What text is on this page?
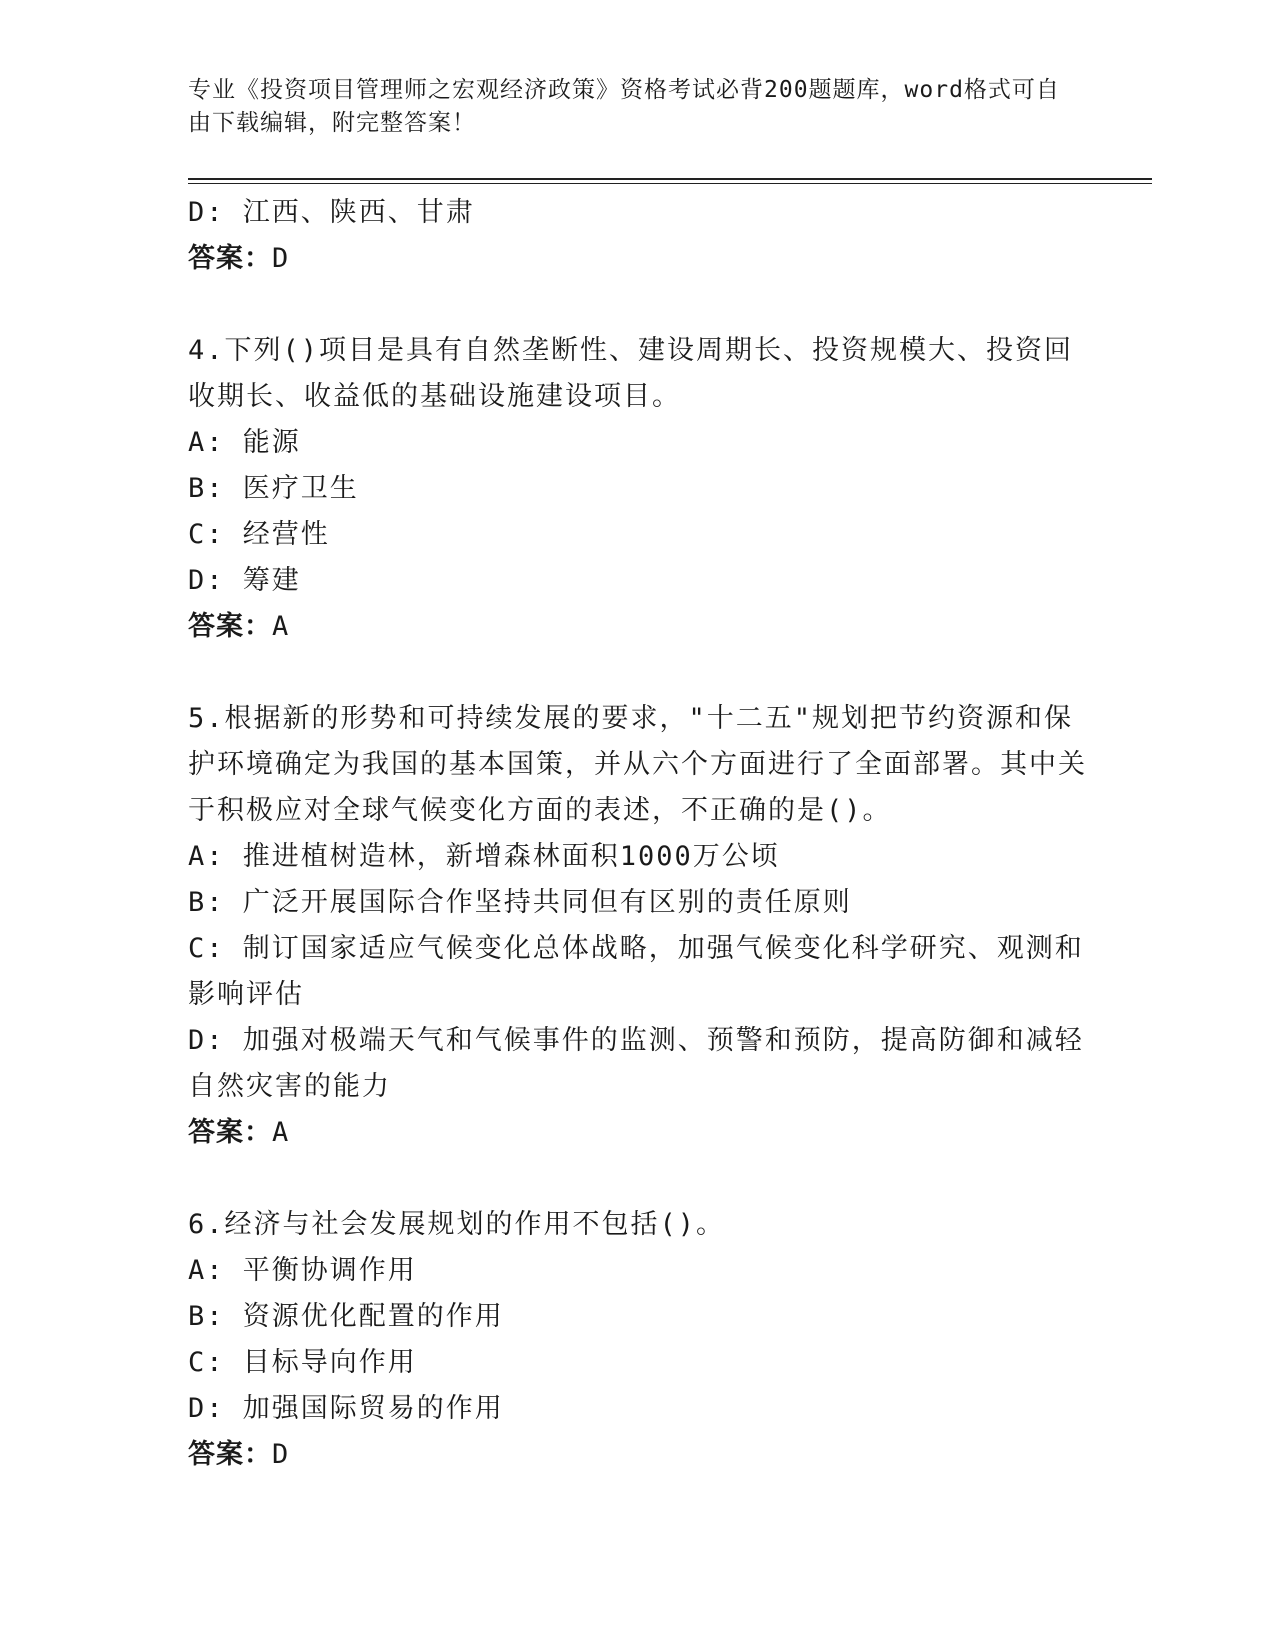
专业《投资项目管理师之宏观经济政策》资格考试必背200题题库，word格式可自由下载编辑，附完整答案！
D: 江西、陕西、甘肃
答案：D
4.下列()项目是具有自然垄断性、建设周期长、投资规模大、投资回收期长、收益低的基础设施建设项目。
A: 能源
B: 医疗卫生
C: 经营性
D: 筹建
答案：A
5.根据新的形势和可持续发展的要求，"十二五"规划把节约资源和保护环境确定为我国的基本国策，并从六个方面进行了全面部署。其中关于积极应对全球气候变化方面的表述，不正确的是()。
A: 推进植树造林，新增森林面积1000万公顷
B: 广泛开展国际合作坚持共同但有区别的责任原则
C: 制订国家适应气候变化总体战略，加强气候变化科学研究、观测和影响评估
D: 加强对极端天气和气候事件的监测、预警和预防，提高防御和减轻自然灾害的能力
答案：A
6.经济与社会发展规划的作用不包括()。
A: 平衡协调作用
B: 资源优化配置的作用
C: 目标导向作用
D: 加强国际贸易的作用
答案：D
